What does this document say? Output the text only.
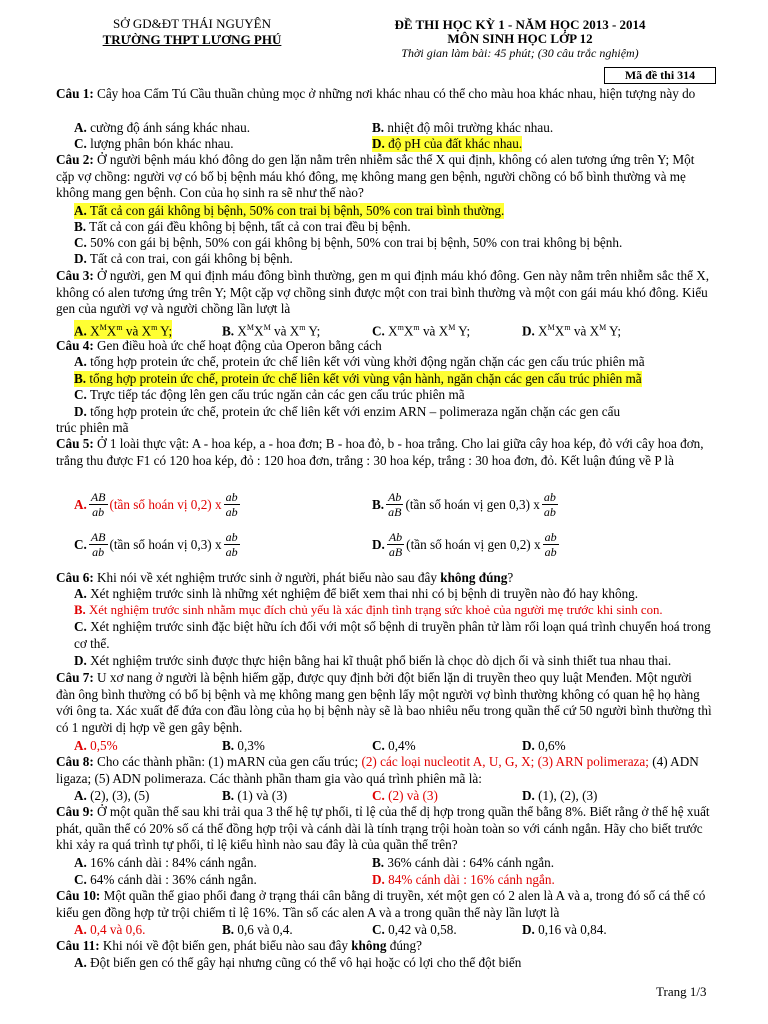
SỞ GD&ĐT THÁI NGUYÊN
TRƯỜNG THPT LƯƠNG PHÚ
ĐỀ THI HỌC KỲ 1 - NĂM HỌC 2013 - 2014
MÔN SINH HỌC LỚP 12
Thời gian làm bài: 45 phút; (30 câu trắc nghiệm)
Mã đề thi 314
Câu 1: Cây hoa Cẩm Tú Cầu thuần chủng mọc ở những nơi khác nhau có thể cho màu hoa khác nhau, hiện tượng này do
A. cường độ ánh sáng khác nhau.	B. nhiệt độ môi trường khác nhau.
C. lượng phân bón khác nhau.	D. độ pH của đất khác nhau.
Câu 2: Ở người bệnh máu khó đông do gen lặn nằm trên nhiễm sắc thể X qui định, không có alen tương ứng trên Y; Một cặp vợ chồng: người vợ có bố bị bệnh máu khó đông, mẹ không mang gen bệnh, người chồng có bố bình thường và mẹ không mang gen bệnh. Con của họ sinh ra sẽ như thế nào?
A. Tất cả con gái không bị bệnh, 50% con trai bị bệnh, 50% con trai bình thường.
B. Tất cả con gái đều không bị bệnh, tất cả con trai đều bị bệnh.
C. 50% con gái bị bệnh, 50% con gái không bị bệnh, 50% con trai bị bệnh, 50% con trai không bị bệnh.
D. Tất cả con trai, con gái không bị bệnh.
Câu 3: Ở người, gen M qui định máu đông bình thường, gen m qui định máu khó đông. Gen này nằm trên nhiễm sắc thể X, không có alen tương ứng trên Y; Một cặp vợ chồng sinh được một con trai bình thường và một con gái máu khó đông. Kiểu gen của người vợ và người chồng lần lượt là
A. $X^MX^m$ và $X^m$ Y;	B. $X^MX^M$ và $X^m$ Y;	C. $X^mX^m$ và $X^M$ Y;	D. $X^MX^m$ và $X^M$ Y;
Câu 4: Gen điều hoà ức chế hoạt động của Operon bằng cách
A. tổng hợp protein ức chế, protein ức chế liên kết với vùng khởi động ngăn chặn các gen cấu trúc phiên mã
B. tổng hợp protein ức chế, protein ức chế liên kết với vùng vận hành, ngăn chặn các gen cấu trúc phiên mã
C. Trực tiếp tác động lên gen cấu trúc ngăn cản các gen cấu trúc phiên mã
D. tổng hợp protein ức chế, protein ức chế liên kết với enzim ARN – polimeraza ngăn chặn các gen cấu
trúc phiên mã
Câu 5: Ở 1 loài thực vật: A - hoa kép, a - hoa đơn; B - hoa đỏ, b - hoa trắng. Cho lai giữa cây hoa kép, đỏ với cây hoa đơn, trắng thu được F1 có 120 hoa kép, đỏ : 120 hoa đơn, trắng : 30 hoa kép, trắng : 30 hoa đơn, đỏ. Kết luận đúng về P là
A. $\frac{AB}{ab}$ (tần số hoán vị 0,2) x $\frac{ab}{ab}$	B. $\frac{Ab}{aB}$ (tần số hoán vị gen 0,3) x $\frac{ab}{ab}$
C. $\frac{AB}{ab}$ (tần số hoán vị 0,3) x $\frac{ab}{ab}$	D. $\frac{Ab}{aB}$ (tần số hoán vị gen 0,2) x $\frac{ab}{ab}$
Câu 6: Khi nói về xét nghiệm trước sinh ở người, phát biểu nào sau đây không đúng?
A. Xét nghiệm trước sinh là những xét nghiệm để biết xem thai nhi có bị bệnh di truyền nào đó hay không.
B. Xét nghiệm trước sinh nhằm mục đích chủ yếu là xác định tình trạng sức khoẻ của người mẹ trước khi sinh con.
C. Xét nghiệm trước sinh đặc biệt hữu ích đối với một số bệnh di truyền phân tử làm rối loạn quá trình chuyển hoá trong cơ thể.
D. Xét nghiệm trước sinh được thực hiện bằng hai kĩ thuật phổ biến là chọc dò dịch ối và sinh thiết tua nhau thai.
Câu 7: U xơ nang ở người là bệnh hiếm gặp, được quy định bởi đột biến lặn di truyền theo quy luật Menđen. Một người đàn ông bình thường có bố bị bệnh và mẹ không mang gen bệnh lấy một người vợ bình thường không có quan hệ họ hàng với ông ta. Xác xuất để đứa con đầu lòng của họ bị bệnh này sẽ là bao nhiêu nếu trong quần thể cứ 50 người bình thường thì có 1 người dị hợp về gen gây bệnh.
A. 0,5%	B. 0,3%	C. 0,4%	D. 0,6%
Câu 8: Cho các thành phần: (1) mARN của gen cấu trúc; (2) các loại nucleotit A, U, G, X; (3) ARN polimeraza; (4) ADN ligaza; (5) ADN polimeraza. Các thành phần tham gia vào quá trình phiên mã là:
A. (2), (3), (5)	B. (1) và (3)	C. (2) và (3)	D. (1), (2), (3)
Câu 9: Ở một quần thể sau khi trải qua 3 thế hệ tự phối, tỉ lệ của thể dị hợp trong quần thể bằng 8%. Biết rằng ở thế hệ xuất phát, quần thể có 20% số cá thể đồng hợp trội và cánh dài là tính trạng trội hoàn toàn so với cánh ngắn. Hãy cho biết trước khi xảy ra quá trình tự phối, tỉ lệ kiểu hình nào sau đây là của quần thể trên?
A. 16% cánh dài : 84% cánh ngắn.	B. 36% cánh dài : 64% cánh ngắn.
C. 64% cánh dài : 36% cánh ngắn.	D. 84% cánh dài : 16% cánh ngắn.
Câu 10: Một quần thể giao phối đang ở trạng thái cân bằng di truyền, xét một gen có 2 alen là A và a, trong đó số cá thể có kiểu gen đồng hợp tử trội chiếm tỉ lệ 16%. Tần số các alen A và a trong quần thể này lần lượt là
A. 0,4 và 0,6.	B. 0,6 và 0,4.	C. 0,42 và 0,58.	D. 0,16 và 0,84.
Câu 11: Khi nói về đột biến gen, phát biểu nào sau đây không đúng?
A. Đột biến gen có thể gây hại nhưng cũng có thể vô hại hoặc có lợi cho thể đột biến
Trang 1/3
